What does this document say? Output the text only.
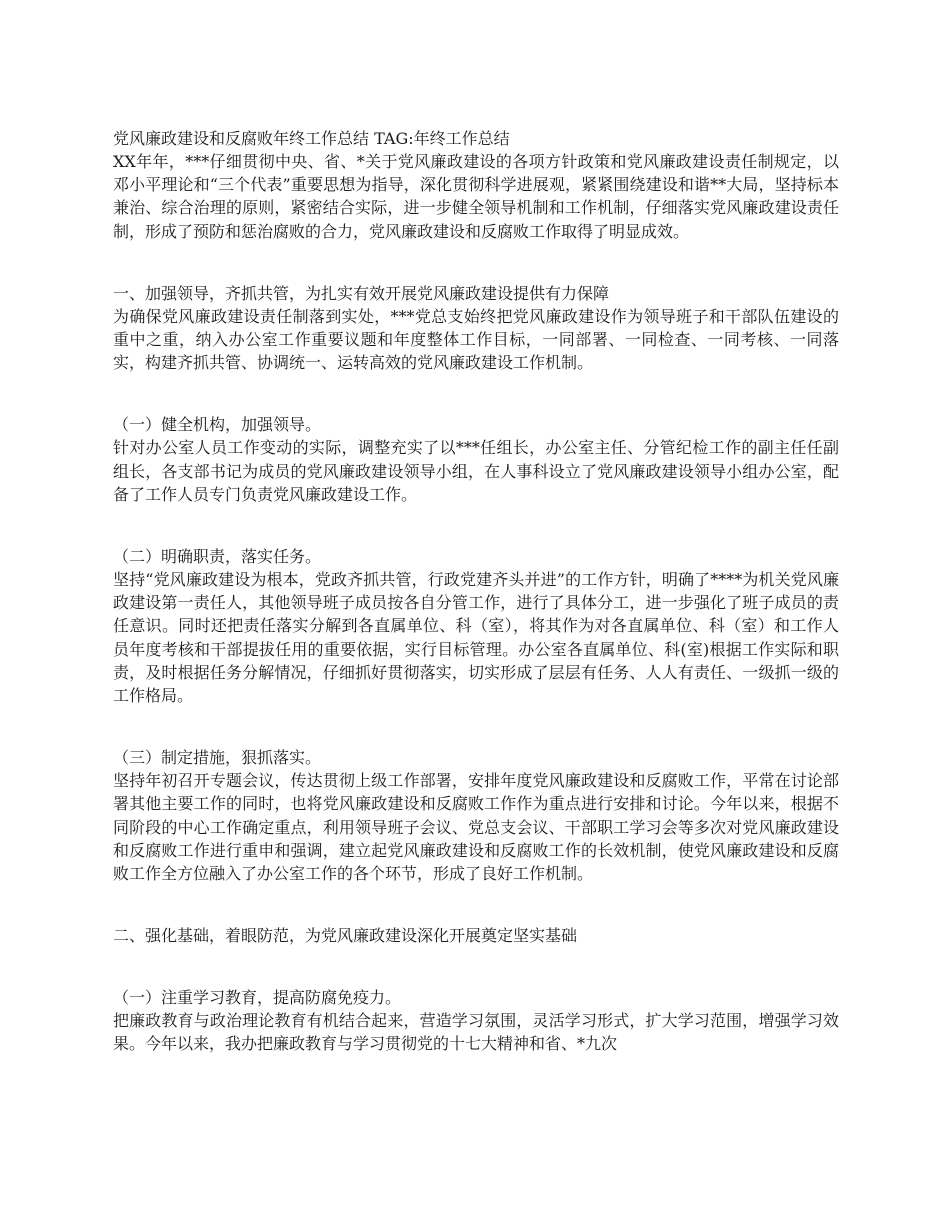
党风廉政建设和反腐败年终工作总结 TAG:年终工作总结

XX年年，***仔细贯彻中央、省、*关于党风廉政建设的各项方针政策和党风廉政建设责任制规定，以邓小平理论和“三个代表”重要思想为指导，深化贯彻科学进展观，紧紧围绕建设和谐**大局，坚持标本兼治、综合治理的原则，紧密结合实际，进一步健全领导机制和工作机制，仔细落实党风廉政建设责任制，形成了预防和惩治腐败的合力，党风廉政建设和反腐败工作取得了明显成效。

一、加强领导，齐抓共管，为扎实有效开展党风廉政建设提供有力保障

为确保党风廉政建设责任制落到实处，***党总支始终把党风廉政建设作为领导班子和干部队伍建设的重中之重，纳入办公室工作重要议题和年度整体工作目标，一同部署、一同检查、一同考核、一同落实，构建齐抓共管、协调统一、运转高效的党风廉政建设工作机制。

（一）健全机构，加强领导。

针对办公室人员工作变动的实际，调整充实了以***任组长，办公室主任、分管纪检工作的副主任任副组长，各支部书记为成员的党风廉政建设领导小组，在人事科设立了党风廉政建设领导小组办公室，配备了工作人员专门负责党风廉政建设工作。

（二）明确职责，落实任务。

坚持“党风廉政建设为根本，党政齐抓共管，行政党建齐头并进”的工作方针，明确了****为机关党风廉政建设第一责任人，其他领导班子成员按各自分管工作，进行了具体分工，进一步强化了班子成员的责任意识。同时还把责任落实分解到各直属单位、科（室），将其作为对各直属单位、科（室）和工作人员年度考核和干部提拔任用的重要依据，实行目标管理。办公室各直属单位、科(室)根据工作实际和职责，及时根据任务分解情况，仔细抓好贯彻落实，切实形成了层层有任务、人人有责任、一级抓一级的工作格局。

（三）制定措施，狠抓落实。

坚持年初召开专题会议，传达贯彻上级工作部署，安排年度党风廉政建设和反腐败工作，平常在讨论部署其他主要工作的同时，也将党风廉政建设和反腐败工作作为重点进行安排和讨论。今年以来，根据不同阶段的中心工作确定重点，利用领导班子会议、党总支会议、干部职工学习会等多次对党风廉政建设和反腐败工作进行重申和强调，建立起党风廉政建设和反腐败工作的长效机制，使党风廉政建设和反腐败工作全方位融入了办公室工作的各个环节，形成了良好工作机制。

二、强化基础，着眼防范，为党风廉政建设深化开展奠定坚实基础

（一）注重学习教育，提高防腐免疫力。

把廉政教育与政治理论教育有机结合起来，营造学习氛围，灵活学习形式，扩大学习范围，增强学习效果。今年以来，我办把廉政教育与学习贯彻党的十七大精神和省、*九次
